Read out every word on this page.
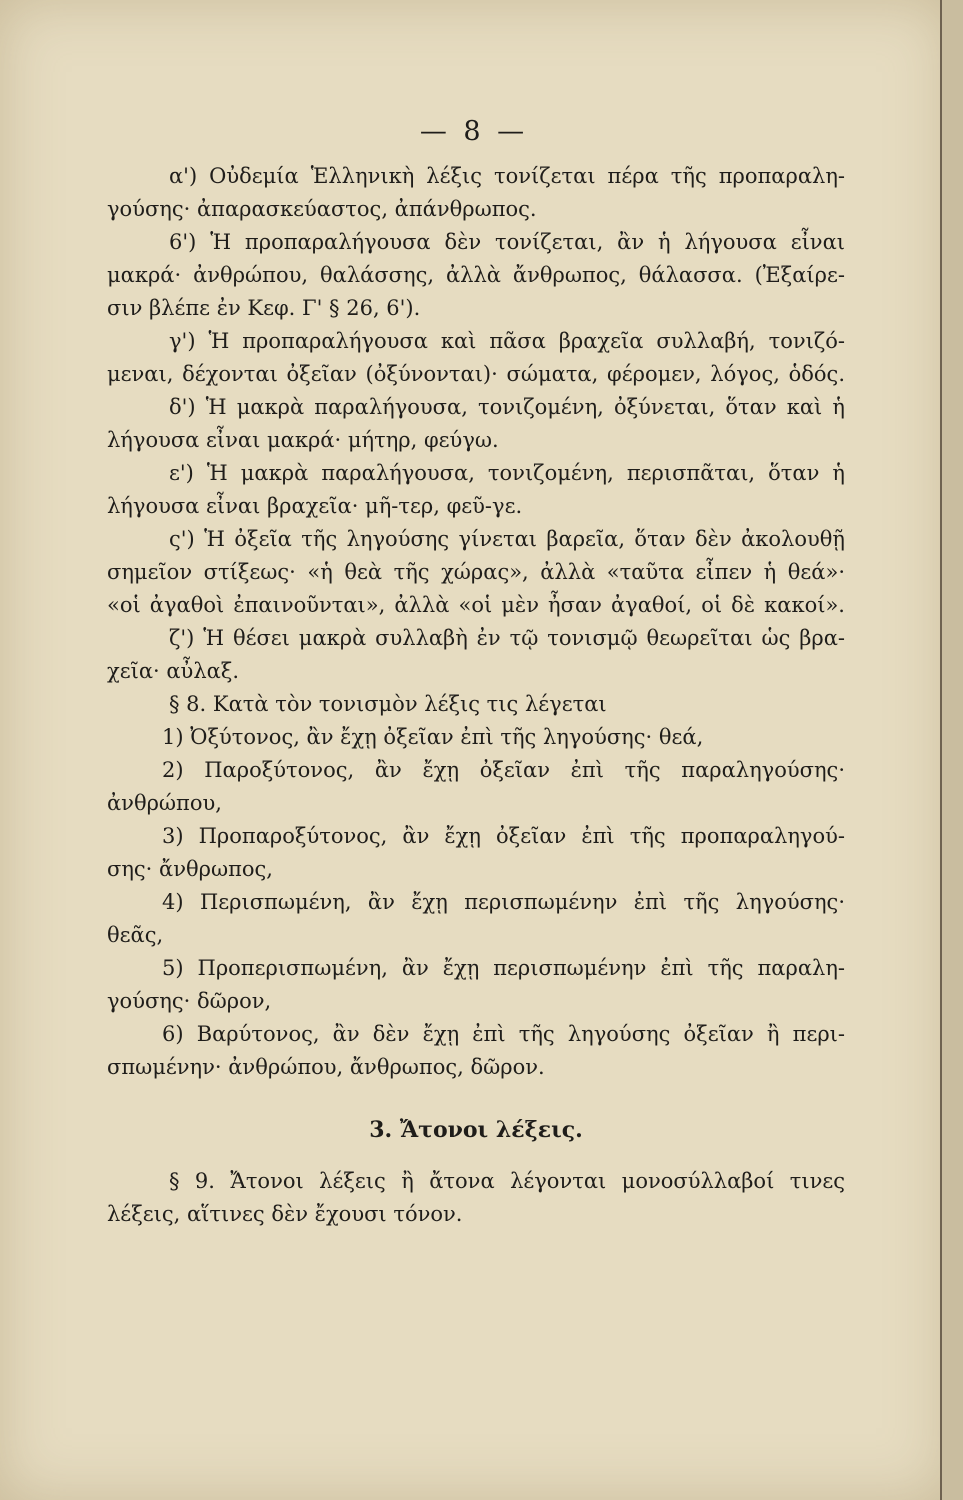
— 8 —
α') Οὐδεμία Ἑλληνικὴ λέξις τονίζεται πέρα τῆς προπαραλη-
γούσης· ἀπαρασκεύαστος, ἀπάνθρωπος.
6') Ἡ προπαραλήγουσα δὲν τονίζεται, ἂν ἡ λήγουσα εἶναι
μακρά· ἀνθρώπου, θαλάσσης, ἀλλὰ ἄνθρωπος, θάλασσα. (Ἐξαίρε-
σιν βλέπε ἐν Κεφ. Γ' § 26, 6').
γ') Ἡ προπαραλήγουσα καὶ πᾶσα βραχεῖα συλλαβή, τονιζό-
μεναι, δέχονται ὀξεῖαν (ὀξύνονται)· σώματα, φέρομεν, λόγος, ὁδός.
δ') Ἡ μακρὰ παραλήγουσα, τονιζομένη, ὀξύνεται, ὅταν καὶ ἡ
λήγουσα εἶναι μακρά· μήτηρ, φεύγω.
ε') Ἡ μακρὰ παραλήγουσα, τονιζομένη, περισπᾶται, ὅταν ἡ
λήγουσα εἶναι βραχεῖα· μῆ-τερ, φεῦ-γε.
ς') Ἡ ὀξεῖα τῆς ληγούσης γίνεται βαρεῖα, ὅταν δὲν ἀκολουθῇ
σημεῖον στίξεως· «ἡ θεὰ τῆς χώρας», ἀλλὰ «ταῦτα εἶπεν ἡ θεά»·
«οἱ ἀγαθοὶ ἐπαινοῦνται», ἀλλὰ «οἱ μὲν ἦσαν ἀγαθοί, οἱ δὲ κακοί».
ζ') Ἡ θέσει μακρὰ συλλαβὴ ἐν τῷ τονισμῷ θεωρεῖται ὡς βρα-
χεῖα· αὖλαξ.
§ 8. Κατὰ τὸν τονισμὸν λέξις τις λέγεται
1) Ὀξύτονος, ἂν ἔχῃ ὀξεῖαν ἐπὶ τῆς ληγούσης· θεά,
2) Παροξύτονος, ἂν ἔχῃ ὀξεῖαν ἐπὶ τῆς παραληγούσης·
ἀνθρώπου,
3) Προπαροξύτονος, ἂν ἔχῃ ὀξεῖαν ἐπὶ τῆς προπαραληγού-
σης· ἄνθρωπος,
4) Περισπωμένη, ἂν ἔχῃ περισπωμένην ἐπὶ τῆς ληγούσης·
θεᾶς,
5) Προπερισπωμένη, ἂν ἔχῃ περισπωμένην ἐπὶ τῆς παραλη-
γούσης· δῶρον,
6) Βαρύτονος, ἂν δὲν ἔχῃ ἐπὶ τῆς ληγούσης ὀξεῖαν ἢ περι-
σπωμένην· ἀνθρώπου, ἄνθρωπος, δῶρον.
3. Ἄτονοι λέξεις.
§ 9. Ἄτονοι λέξεις ἢ ἄτονα λέγονται μονοσύλλαβοί τινες
λέξεις, αἵτινες δὲν ἔχουσι τόνον.
